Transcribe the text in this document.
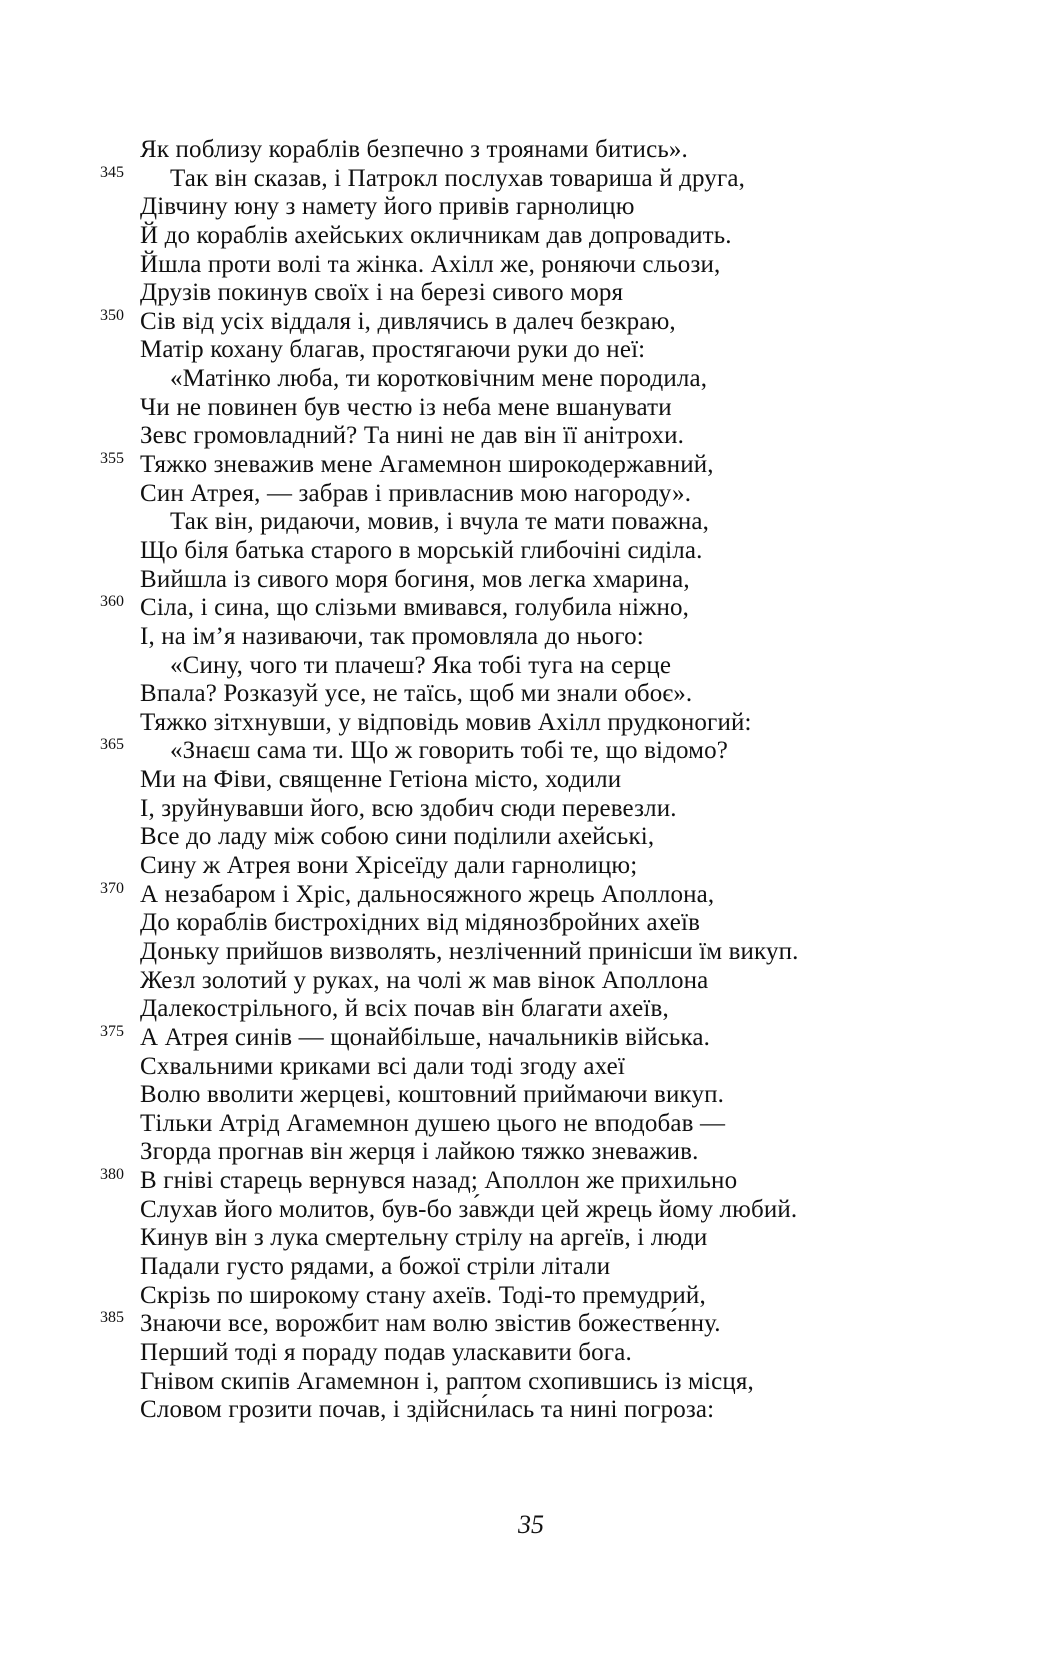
Як поблизу кораблів безпечно з троянами битись».
345 Так він сказав, і Патрокл послухав товариша й друга,
Дівчину юну з намету його привів гарнолицю
Й до кораблів ахейських окличникам дав допровадить.
Йшла проти волі та жінка. Ахілл же, роняючи сльози,
Друзів покинув своїх і на березі сивого моря
350 Сів від усіх віддаля і, дивлячись в далеч безкраю,
Матір кохану благав, простягаючи руки до неї:
«Матінко люба, ти коротковічним мене породила,
Чи не повинен був честю із неба мене вшанувати
Зевс громовладний? Та нині не дав він її анітрохи.
355 Тяжко зневажив мене Агамемнон широкодержавний,
Син Атрея, — забрав і привласнив мою нагороду».
Так він, ридаючи, мовив, і вчула те мати поважна,
Що біля батька старого в морській глибочіні сиділа.
Вийшла із сивого моря богиня, мов легка хмарина,
360 Сіла, і сина, що слізьми вмивався, голубила ніжно,
І, на ім’я називаючи, так промовляла до нього:
«Сину, чого ти плачеш? Яка тобі туга на серце
Впала? Розказуй усе, не таїсь, щоб ми знали обоє».
Тяжко зітхнувши, у відповідь мовив Ахілл прудконогий:
365 «Знаєш сама ти. Що ж говорить тобі те, що відомо?
Ми на Фіви, священне Гетіона місто, ходили
І, зруйнувавши його, всю здобич сюди перевезли.
Все до ладу між собою сини поділили ахейські,
Сину ж Атрея вони Хрісеїду дали гарнолицю;
370 А незабаром і Хріс, дальносяжного жрець Аполлона,
До кораблів бистрохідних від мідянозбройних ахеїв
Доньку прийшов визволять, незліченний принісши їм викуп.
Жезл золотий у руках, на чолі ж мав вінок Аполлона
Далекострільного, й всіх почав він благати ахеїв,
375 А Атрея синів — щонайбільше, начальників війська.
Схвальними криками всі дали тоді згоду ахеї
Волю вволити жерцеві, коштовний приймаючи викуп.
Тільки Атрід Агамемнон душею цього не вподобав —
Згорда прогнав він жерця і лайкою тяжко зневажив.
380 В гніві старець вернувся назад; Аполлон же прихильно
Слухав його молитов, був-бо за́вжди цей жрець йому любий.
Кинув він з лука смертельну стрілу на аргеїв, і люди
Падали густо рядами, а божої стріли літали
Скрізь по широкому стану ахеїв. Тоді-то премудрий,
385 Знаючи все, ворожбит нам волю звістив божестве́нну.
Перший тоді я пораду подав уласкавити бога.
Гнівом скипів Агамемнон і, раптом схопившись із місця,
Словом грозити почав, і здійсни́лась та нині погроза:
35
